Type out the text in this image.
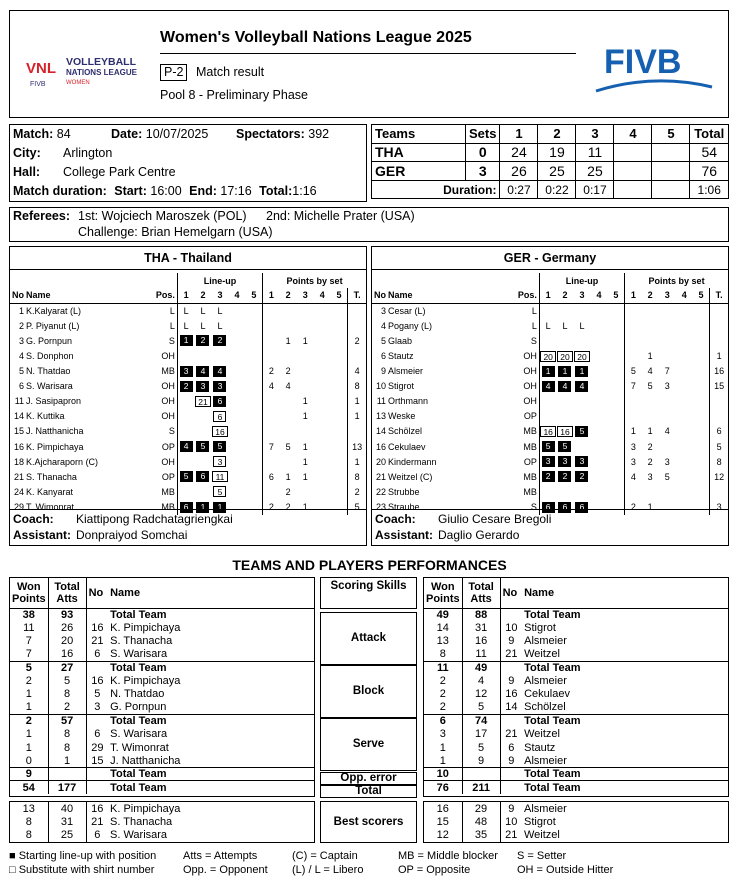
VNL
FIVB
VOLLEYBALL
NATIONS LEAGUE
WOMEN
Women's Volleyball Nations League 2025
P-2	Match result
Pool 8 - Preliminary Phase
FIVB
Match: 84	Date: 10/07/2025 Spectators: 392
City: Arlington
Hall: College Park Centre
Match duration: Start: 16:00 End: 17:16 Total:1:16
Teams	Sets	1	2	3	4	5	Total
THA	0	24	19	11			54
GER	3	26	25	25			76
Duration:		0:27	0:22	0:17			1:06
Referees: 1st: Wojciech Maroszek (POL) 2nd: Michelle Prater (USA)
Challenge: Brian Hemelgarn (USA)
THA - Thailand
			Line-up					Points by set					
No	Name	Pos.	1	2	3	4	5	1	2	3	4	5	T.
1	K.Kalyarat (L)	L	L	L	L								
2	P. Piyanut (L)	L	L	L	L								
3	G. Pornpun	S	1	2	2				1	1			2
4	S. Donphon	OH											
5	N. Thatdao	MB	3	4	4			2	2				4
6	S. Warisara	OH	2	3	3			4	4				8
11	J. Sasipapron	OH		21	6					1			1
14	K. Kuttika	OH			6					1			1
15	J. Natthanicha	S			16								
16	K. Pimpichaya	OP	4	5	5			7	5	1			13
18	K.Ajcharaporn (C)	OH			3					1			1
21	S. Thanacha	OP	5	6	11			6	1	1			8
24	K. Kanyarat	MB			5				2				2
29	T. Wimonrat	MB	6	1	1			2	2	1			5
Coach: Kiattipong Radchatagriengkai
Assistant: Donpraiyod Somchai
GER - Germany
			Line-up					Points by set					
No	Name	Pos.	1	2	3	4	5	1	2	3	4	5	T.
3	Cesar (L)	L											
4	Pogany (L)	L	L	L	L								
5	Glaab	S											
6	Stautz	OH	20	20	20				1				1
9	Alsmeier	OH	1	1	1			5	4	7			16
10	Stigrot	OH	4	4	4			7	5	3			15
11	Orthmann	OH											
13	Weske	OP											
14	Schölzel	MB	16	16	5			1	1	4			6
16	Cekulaev	MB	5	5				3	2				5
20	Kindermann	OP	3	3	3			3	2	3			8
21	Weitzel (C)	MB	2	2	2			4	3	5			12
22	Strubbe	MB											
23	Straube	S	6	6	6			2	1				3
Coach: Giulio Cesare Bregoli
Assistant: Daglio Gerardo
TEAMS AND PLAYERS PERFORMANCES
Won Points	Total Atts	No	Name
38	93		Total Team
11	26	16	K. Pimpichaya
7	20	21	S. Thanacha
7	16	6	S. Warisara
5	27		Total Team
2	5	16	K. Pimpichaya
1	8	5	N. Thatdao
1	2	3	G. Pornpun
2	57		Total Team
1	8	6	S. Warisara
1	8	29	T. Wimonrat
0	1	15	J. Natthanicha
9			Total Team
54	177		Total Team
Scoring Skills
Attack
Block
Serve
Opp. error
Total
Won Points	Total Atts	No	Name
49	88		Total Team
14	31	10	Stigrot
13	16	9	Alsmeier
8	11	21	Weitzel
11	49		Total Team
2	4	9	Alsmeier
2	12	16	Cekulaev
2	5	14	Schölzel
6	74		Total Team
3	17	21	Weitzel
1	5	6	Stautz
1	9	9	Alsmeier
10			Total Team
76	211		Total Team
13	40	16	K. Pimpichaya
8	31	21	S. Thanacha
8	25	6	S. Warisara
Best scorers
16	29	9	Alsmeier
15	48	10	Stigrot
12	35	21	Weitzel
■ Starting line-up with position Atts = Attempts	(C) = Captain	MB = Middle blocker S = Setter
□ Substitute with shirt number	Opp. = Opponent (L) / L = Libero	OP = Opposite	OH = Outside Hitter
